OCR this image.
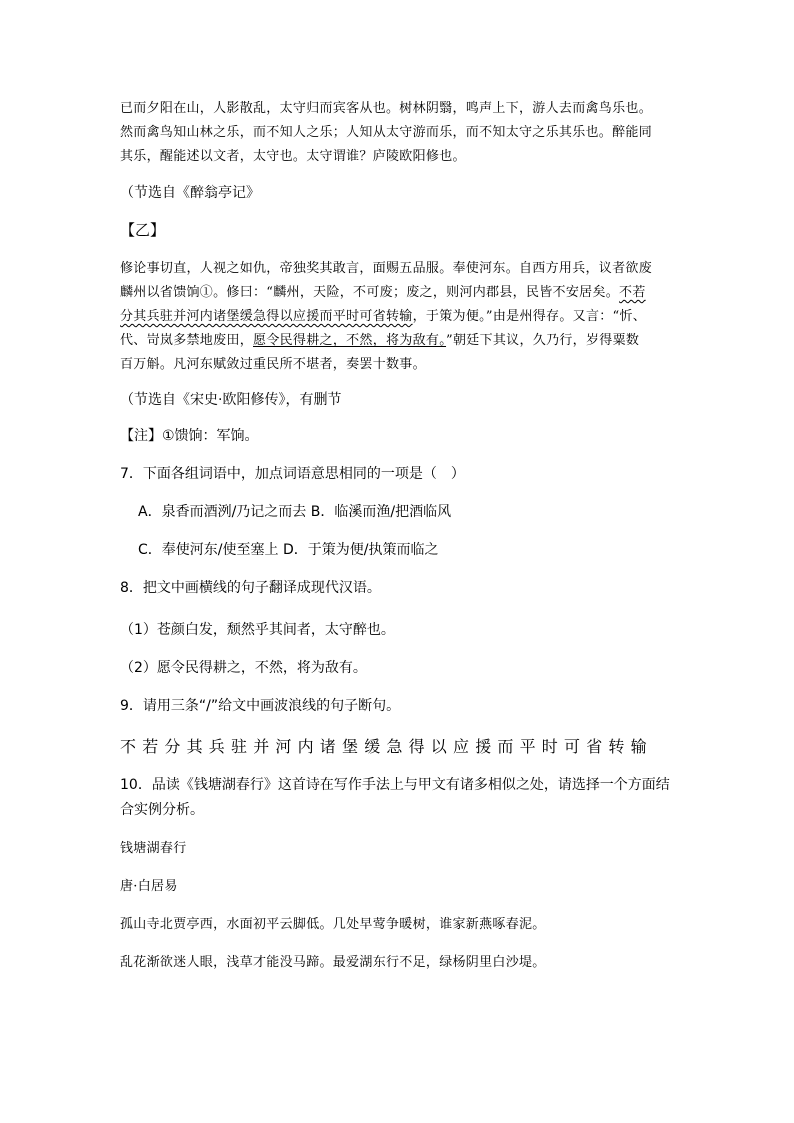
已而夕阳在山，人影散乱，太守归而宾客从也。树林阴翳，鸣声上下，游人去而禽鸟乐也。
然而禽鸟知山林之乐，而不知人之乐；人知从太守游而乐，而不知太守之乐其乐也。醉能同
其乐，醒能述以文者，太守也。太守谓谁？庐陵欧阳修也。
（节选自《醉翁亭记》
【乙】
修论事切直，人视之如仇，帝独奖其敢言，面赐五品服。奉使河东。自西方用兵，议者欲废
麟州以省馈饷①。修曰：“麟州，天险，不可废；废之，则河内郡县，民皆不安居矣。不若
分其兵驻并河内诸堡缓急得以应援而平时可省转输，于策为便。”由是州得存。又言：“忻、
代、岢岚多禁地废田，愿令民得耕之，不然，将为敌有。”朝廷下其议，久乃行，岁得粟数
百万斛。凡河东赋敛过重民所不堪者，奏罢十数事。
（节选自《宋史·欧阳修传》，有删节
【注】①馈饷：军饷。
7．下面各组词语中，加点词语意思相同的一项是（　）
A．泉香而酒洌/乃记之而去 B．临溪而渔/把酒临风
C．奉使河东/使至塞上 D．于策为便/执策而临之
8．把文中画横线的句子翻译成现代汉语。
（1）苍颜白发，颓然乎其间者，太守醉也。
（2）愿令民得耕之，不然，将为敌有。
9．请用三条“/”给文中画波浪线的句子断句。
不若分其兵驻并河内诸堡缓急得以应援而平时可省转输
10．品读《钱塘湖春行》这首诗在写作手法上与甲文有诸多相似之处，请选择一个方面结
合实例分析。
钱塘湖春行
唐·白居易
孤山寺北贾亭西，水面初平云脚低。几处早莺争暖树，谁家新燕啄春泥。
乱花渐欲迷人眼，浅草才能没马蹄。最爱湖东行不足，绿杨阴里白沙堤。
